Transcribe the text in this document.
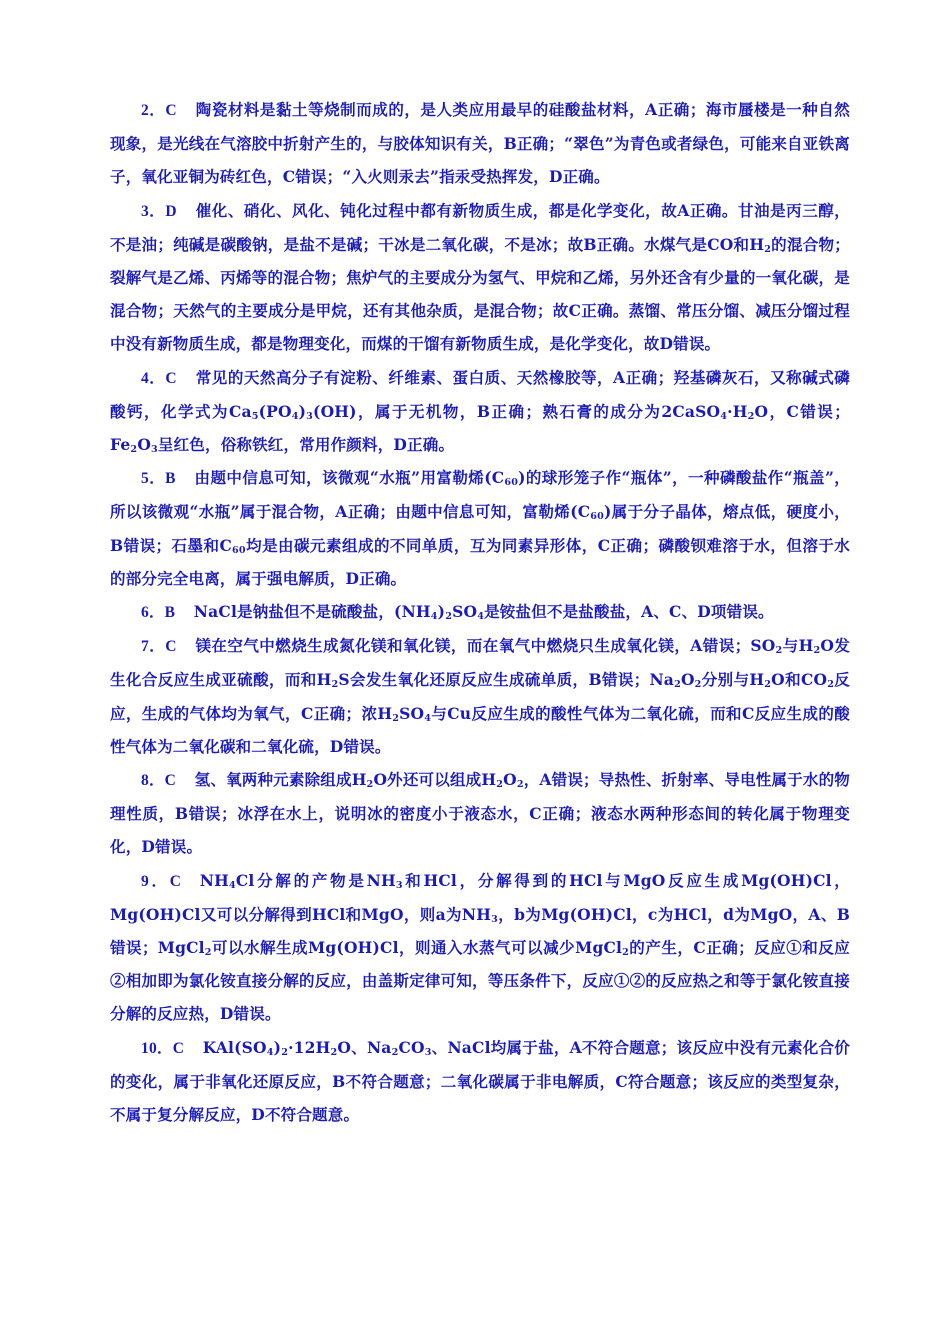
2．C 陶瓷材料是黏土等烧制而成的，是人类应用最早的硅酸盐材料，A正确；海市蜃楼是一种自然现象，是光线在气溶胶中折射产生的，与胶体知识有关，B正确；“翠色”为青色或者绿色，可能来自亚铁离子，氧化亚铜为砖红色，C错误；“入火则汞去”指汞受热挥发，D正确。

3．D 催化、硝化、风化、钝化过程中都有新物质生成，都是化学变化，故A正确。甘油是丙三醇，不是油；纯碱是碳酸钠，是盐不是碱；干冰是二氧化碳，不是冰；故B正确。水煤气是CO和$H_2$的混合物；裂解气是乙烯、丙烯等的混合物；焦炉气的主要成分为氢气、甲烷和乙烯，另外还含有少量的一氧化碳，是混合物；天然气的主要成分是甲烷，还有其他杂质，是混合物；故C正确。蒸馏、常压分馏、减压分馏过程中没有新物质生成，都是物理变化，而煤的干馏有新物质生成，是化学变化，故D错误。

4．C 常见的天然高分子有淀粉、纤维素、蛋白质、天然橡胶等，A正确；羟基磷灰石，又称碱式磷酸钙，化学式为$Ca_5(PO_4)_3(OH)$，属于无机物，B正确；熟石膏的成分为$2CaSO_4\cdot H_2O$，C错误；$Fe_2O_3$呈红色，俗称铁红，常用作颜料，D正确。

5．B 由题中信息可知，该微观“水瓶”用富勒烯$(C_{60})$的球形笼子作“瓶体”，一种磷酸盐作“瓶盖”，所以该微观“水瓶”属于混合物，A正确；由题中信息可知，富勒烯$(C_{60})$属于分子晶体，熔点低，硬度小，B错误；石墨和$C_{60}$均是由碳元素组成的不同单质，互为同素异形体，C正确；磷酸钡难溶于水，但溶于水的部分完全电离，属于强电解质，D正确。

6．B NaCl是钠盐但不是硫酸盐，$(NH_4)_2SO_4$是铵盐但不是盐酸盐，A、C、D项错误。

7．C 镁在空气中燃烧生成氮化镁和氧化镁，而在氧气中燃烧只生成氧化镁，A错误；$SO_2$与$H_2O$发生化合反应生成亚硫酸，而和$H_2S$会发生氧化还原反应生成硫单质，B错误；$Na_2O_2$分别与$H_2O$和$CO_2$反应，生成的气体均为氧气，C正确；浓$H_2SO_4$与Cu反应生成的酸性气体为二氧化硫，而和C反应生成的酸性气体为二氧化碳和二氧化硫，D错误。

8．C 氢、氧两种元素除组成$H_2O$外还可以组成$H_2O_2$，A错误；导热性、折射率、导电性属于水的物理性质，B错误；冰浮在水上，说明冰的密度小于液态水，C正确；液态水两种形态间的转化属于物理变化，D错误。

9．C $NH_4Cl$分解的产物是$NH_3$和HCl，分解得到的HCl与MgO反应生成Mg(OH)Cl，Mg(OH)Cl又可以分解得到HCl和MgO，则a为$NH_3$，b为Mg(OH)Cl，c为HCl，d为MgO，A、B错误；MgCl$_2$可以水解生成Mg(OH)Cl，则通入水蒸气可以减少MgCl$_2$的产生，C正确；反应①和反应②相加即为氯化铵直接分解的反应，由盖斯定律可知，等压条件下，反应①②的反应热之和等于氯化铵直接分解的反应热，D错误。

10．C $KAl(SO_4)_2\cdot 12H_2O$、$Na_2CO_3$、NaCl均属于盐，A不符合题意；该反应中没有元素化合价的变化，属于非氧化还原反应，B不符合题意；二氧化碳属于非电解质，C符合题意；该反应的类型复杂，不属于复分解反应，D不符合题意。
